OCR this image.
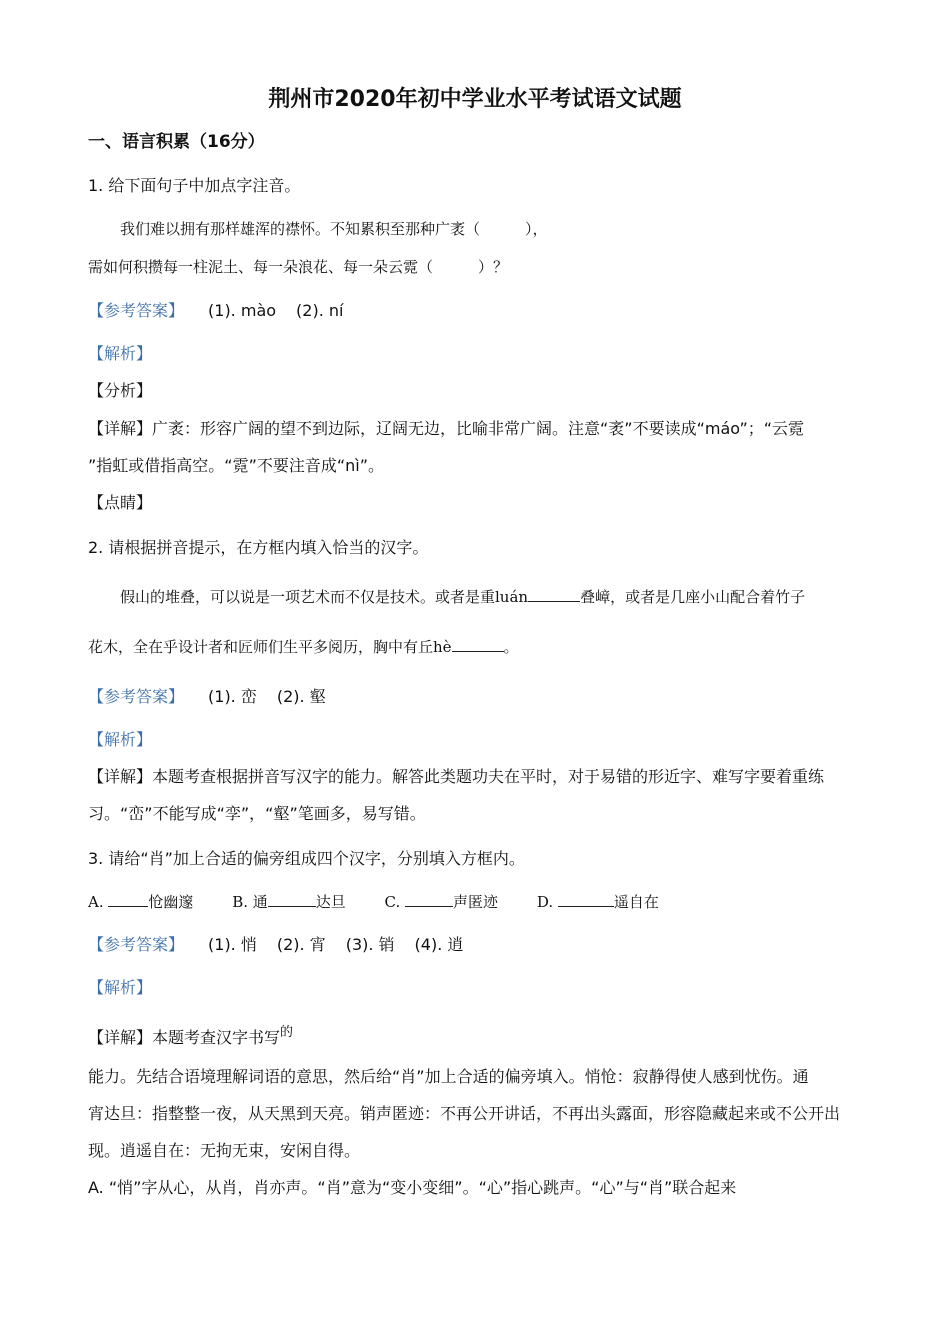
荆州市2020年初中学业水平考试语文试题
一、语言积累（16分）
1. 给下面句子中加点字注音。
我们难以拥有那样雄浑的襟怀。不知累积至那种广袤（　　　），
需如何积攒每一柱泥土、每一朵浪花、每一朵云霓（　　　）？
【参考答案】 (1). mào (2). ní
【解析】
【分析】
【详解】广袤：形容广阔的望不到边际，辽阔无边，比喻非常广阔。注意“袤”不要读成“máo”；“云霓
”指虹或借指高空。“霓”不要注音成“nì”。
【点睛】
2. 请根据拼音提示，在方框内填入恰当的汉字。
假山的堆叠，可以说是一项艺术而不仅是技术。或者是重luán	叠嶂，或者是几座小山配合着竹子
花木，全在乎设计者和匠师们生平多阅历，胸中有丘hè	。
【参考答案】 (1). 峦 (2). 壑
【解析】
【详解】本题考查根据拼音写汉字的能力。解答此类题功夫在平时，对于易错的形近字、难写字要着重练
习。“峦”不能写成“孪”，“壑”笔画多，易写错。
3. 请给“肖”加上合适的偏旁组成四个汉字，分别填入方框内。
A.	怆幽邃	B. 通	达旦	C.	声匿迹	D.	遥自在
【参考答案】 (1). 悄 (2). 宵 (3). 销 (4). 逍
【解析】
【详解】本题考查汉字书写$^的$
能力。先结合语境理解词语的意思，然后给“肖”加上合适的偏旁填入。悄怆：寂静得使人感到忧伤。通
宵达旦：指整整一夜，从天黑到天亮。销声匿迹：不再公开讲话，不再出头露面，形容隐藏起来或不公开出
现。逍遥自在：无拘无束，安闲自得。
A. “悄”字从心，从肖，肖亦声。“肖”意为“变小变细”。“心”指心跳声。“心”与“肖”联合起来
